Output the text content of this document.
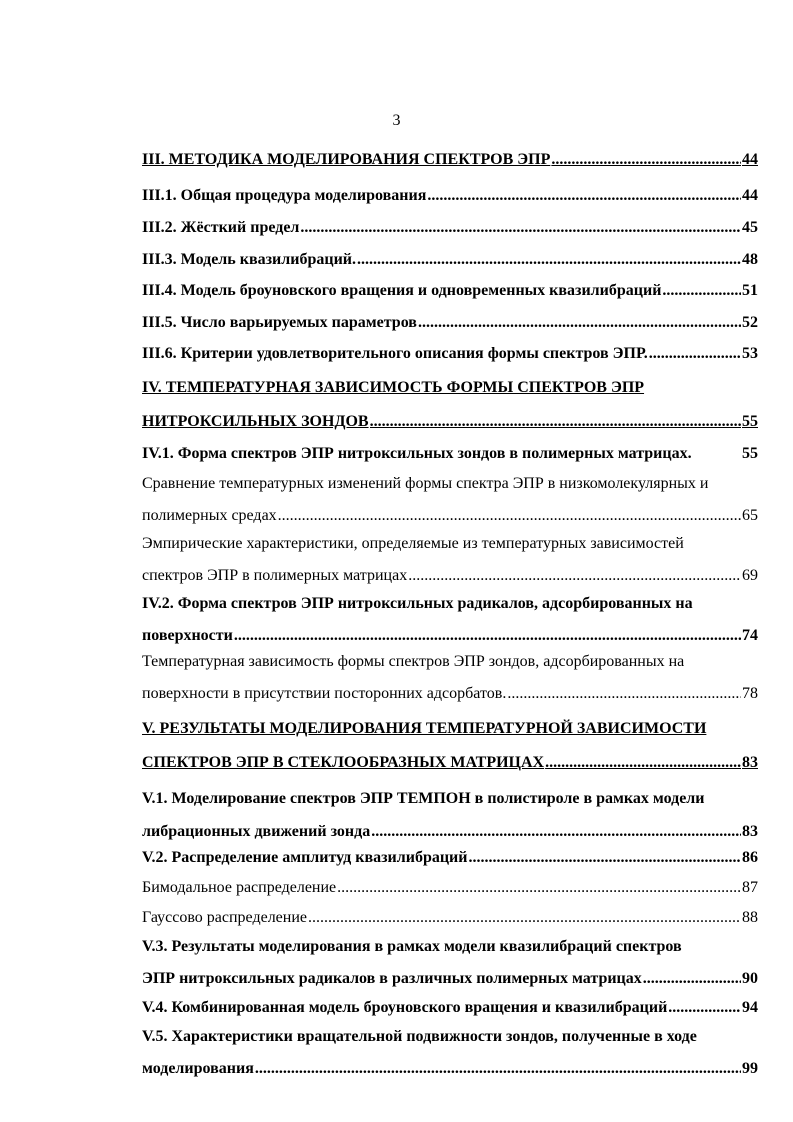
3
III. МЕТОДИКА МОДЕЛИРОВАНИЯ СПЕКТРОВ ЭПР .....	44
III.1. Общая процедура моделирования .....	44
III.2. Жёсткий предел .....	45
III.3. Модель квазилибраций. .....	48
III.4. Модель броуновского вращения и одновременных квазилибраций .....	51
III.5. Число варьируемых параметров .....	52
III.6. Критерии удовлетворительного описания формы спектров ЭПР. .....	53
IV. ТЕМПЕРАТУРНАЯ ЗАВИСИМОСТЬ ФОРМЫ СПЕКТРОВ ЭПР
НИТРОКСИЛЬНЫХ ЗОНДОВ .....	55
IV.1. Форма спектров ЭПР нитроксильных зондов в полимерных матрицах.	55
Сравнение температурных изменений формы спектра ЭПР в низкомолекулярных и
полимерных средах .....	65
Эмпирические характеристики, определяемые из температурных зависимостей
спектров ЭПР в полимерных матрицах .....	69
IV.2. Форма спектров ЭПР нитроксильных радикалов, адсорбированных на
поверхности .....	74
Температурная зависимость формы спектров ЭПР зондов, адсорбированных на
поверхности в присутствии посторонних адсорбатов. .....	78
V. РЕЗУЛЬТАТЫ МОДЕЛИРОВАНИЯ ТЕМПЕРАТУРНОЙ ЗАВИСИМОСТИ
СПЕКТРОВ ЭПР В СТЕКЛООБРАЗНЫХ МАТРИЦАХ .....	83
V.1. Моделирование спектров ЭПР ТЕМПОН в полистироле в рамках модели
либрационных движений зонда .....	83
V.2. Распределение амплитуд квазилибраций .....	86
Бимодальное распределение .....	87
Гауссово распределение .....	88
V.3. Результаты моделирования в рамках модели квазилибраций спектров
ЭПР нитроксильных радикалов в различных полимерных матрицах .....	90
V.4. Комбинированная модель броуновского вращения и квазилибраций .....	94
V.5. Характеристики вращательной подвижности зондов, полученные в ходе
моделирования .....	99
